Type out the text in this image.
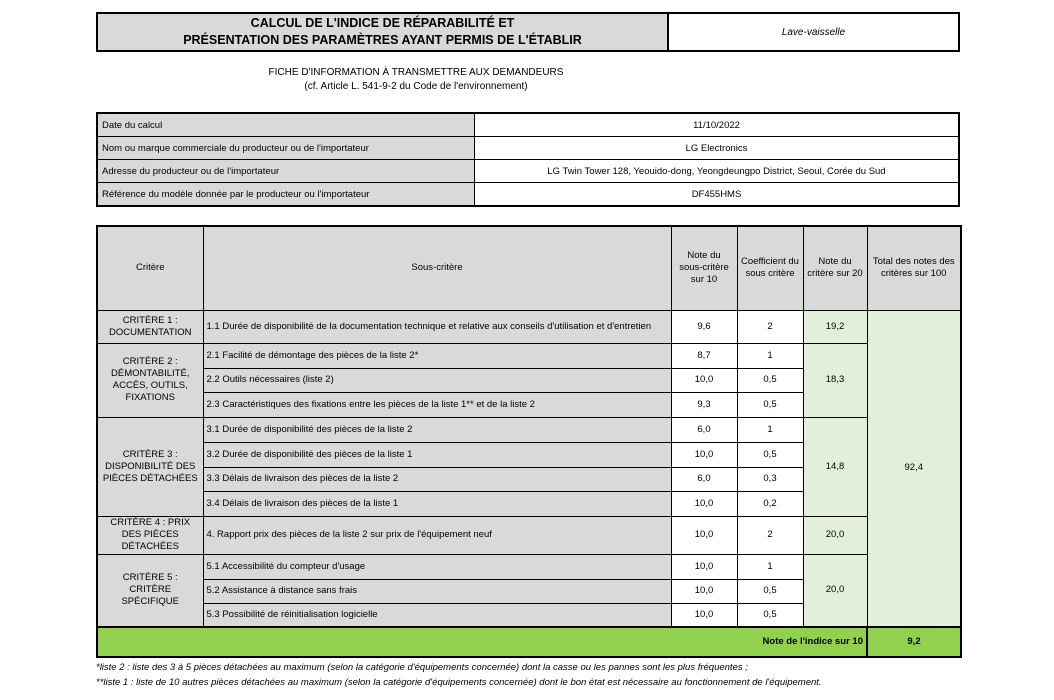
CALCUL DE L'INDICE DE RÉPARABILITÉ ET
PRÉSENTATION DES PARAMÈTRES AYANT PERMIS DE L'ÉTABLIR
Lave-vaisselle
FICHE D'INFORMATION À TRANSMETTRE AUX DEMANDEURS
(cf. Article L. 541-9-2 du Code de l'environnement)
Date du calcul	11/10/2022
Nom ou marque commerciale du producteur ou de l'importateur	LG Electronics
Adresse du producteur ou de l'importateur	LG Twin Tower 128, Yeouido-dong, Yeongdeungpo District, Seoul, Corée du Sud
Référence du modèle donnée par le producteur ou l'importateur	DF455HMS
Critère	Sous-critère	Note du sous-critère sur 10	Coefficient du sous critère	Note du critère sur 20	Total des notes des critères sur 100
CRITÈRE 1 : DOCUMENTATION	1.1 Durée de disponibilité de la documentation technique et relative aux conseils d'utilisation et d'entretien	9,6	2	19,2	92,4
CRITÈRE 2 : DÉMONTABILITÉ, ACCÈS, OUTILS, FIXATIONS	2.1 Facilité de démontage des pièces de la liste 2*	8,7	1	18,3	
	2.2 Outils nécessaires (liste 2)	10,0	0,5		
	2.3 Caractéristiques des fixations entre les pièces de la liste 1** et de la liste 2	9,3	0,5		
CRITÈRE 3 : DISPONIBILITÉ DES PIÈCES DÉTACHÉES	3.1 Durée de disponibilité des pièces de la liste 2	6,0	1	14,8	
	3.2 Durée de disponibilité des pièces de la liste 1	10,0	0,5		
	3.3 Délais de livraison des pièces de la liste 2	6,0	0,3		
	3.4 Délais de livraison des pièces de la liste 1	10,0	0,2		
CRITÈRE 4 : PRIX DES PIÈCES DÉTACHÉES	4. Rapport prix des pièces de la liste 2 sur prix de l'équipement neuf	10,0	2	20,0	
CRITÈRE 5 : CRITÈRE SPÉCIFIQUE	5.1 Accessibilité du compteur d'usage	10,0	1	20,0	
	5.2 Assistance à distance sans frais	10,0	0,5		
	5.3 Possibilité de réinitialisation logicielle	10,0	0,5		
Note de l'indice sur 10					9,2
*liste 2 : liste des 3 à 5 pièces détachées au maximum (selon la catégorie d'équipements concernée) dont la casse ou les pannes sont les plus fréquentes ;
**liste 1 : liste de 10 autres pièces détachées au maximum (selon la catégorie d'équipements concernée) dont le bon état est nécessaire au fonctionnement de l'équipement.
